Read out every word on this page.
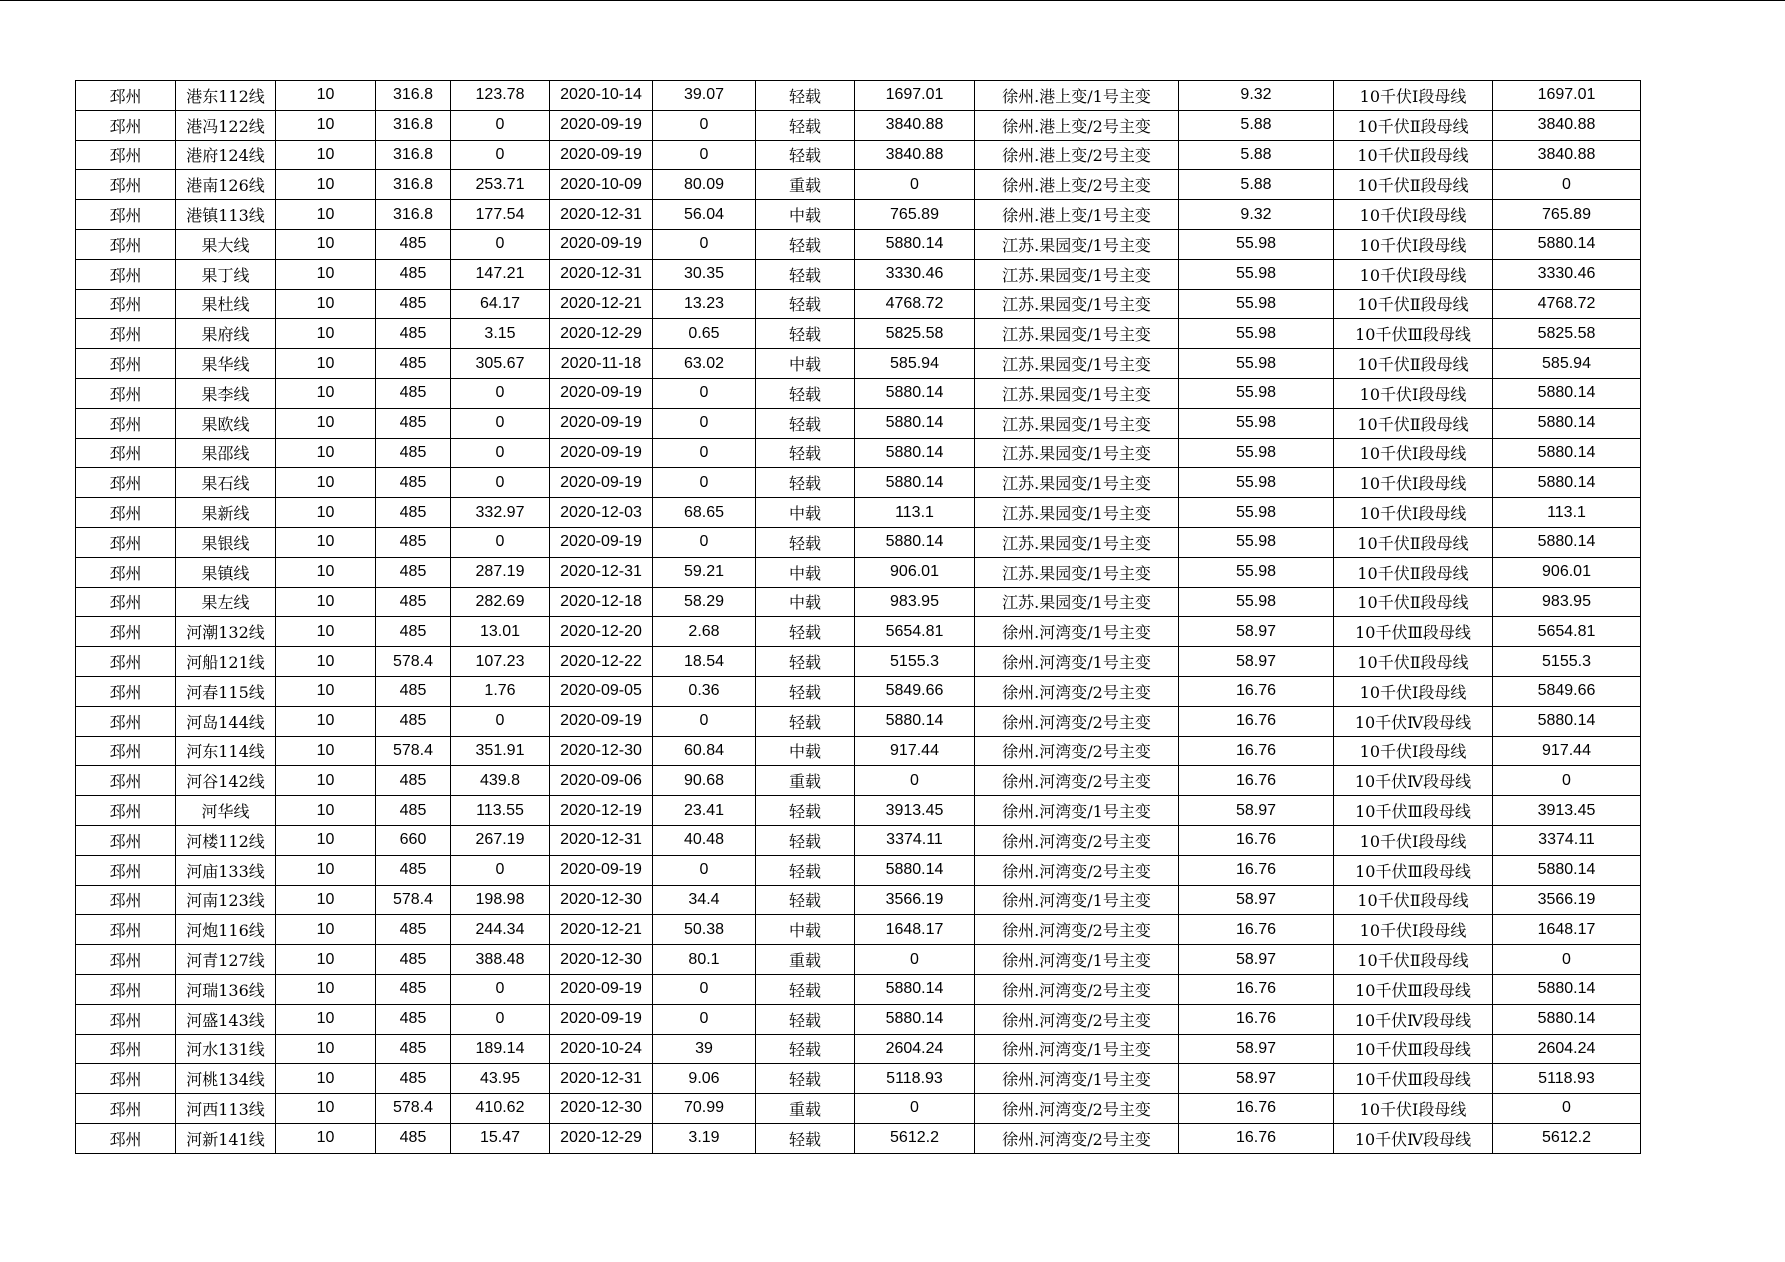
邳州	港东112线	10	316.8	123.78	2020-10-14	39.07	轻载	1697.01	徐州.港上变/1号主变	9.32	10千伏Ⅰ段母线	1697.01
邳州	港冯122线	10	316.8	0	2020-09-19	0	轻载	3840.88	徐州.港上变/2号主变	5.88	10千伏Ⅱ段母线	3840.88
邳州	港府124线	10	316.8	0	2020-09-19	0	轻载	3840.88	徐州.港上变/2号主变	5.88	10千伏Ⅱ段母线	3840.88
邳州	港南126线	10	316.8	253.71	2020-10-09	80.09	重载	0	徐州.港上变/2号主变	5.88	10千伏Ⅱ段母线	0
邳州	港镇113线	10	316.8	177.54	2020-12-31	56.04	中载	765.89	徐州.港上变/1号主变	9.32	10千伏Ⅰ段母线	765.89
邳州	果大线	10	485	0	2020-09-19	0	轻载	5880.14	江苏.果园变/1号主变	55.98	10千伏Ⅰ段母线	5880.14
邳州	果丁线	10	485	147.21	2020-12-31	30.35	轻载	3330.46	江苏.果园变/1号主变	55.98	10千伏Ⅰ段母线	3330.46
邳州	果杜线	10	485	64.17	2020-12-21	13.23	轻载	4768.72	江苏.果园变/1号主变	55.98	10千伏Ⅱ段母线	4768.72
邳州	果府线	10	485	3.15	2020-12-29	0.65	轻载	5825.58	江苏.果园变/1号主变	55.98	10千伏Ⅲ段母线	5825.58
邳州	果华线	10	485	305.67	2020-11-18	63.02	中载	585.94	江苏.果园变/1号主变	55.98	10千伏Ⅱ段母线	585.94
邳州	果李线	10	485	0	2020-09-19	0	轻载	5880.14	江苏.果园变/1号主变	55.98	10千伏Ⅰ段母线	5880.14
邳州	果欧线	10	485	0	2020-09-19	0	轻载	5880.14	江苏.果园变/1号主变	55.98	10千伏Ⅱ段母线	5880.14
邳州	果邵线	10	485	0	2020-09-19	0	轻载	5880.14	江苏.果园变/1号主变	55.98	10千伏Ⅰ段母线	5880.14
邳州	果石线	10	485	0	2020-09-19	0	轻载	5880.14	江苏.果园变/1号主变	55.98	10千伏Ⅰ段母线	5880.14
邳州	果新线	10	485	332.97	2020-12-03	68.65	中载	113.1	江苏.果园变/1号主变	55.98	10千伏Ⅰ段母线	113.1
邳州	果银线	10	485	0	2020-09-19	0	轻载	5880.14	江苏.果园变/1号主变	55.98	10千伏Ⅱ段母线	5880.14
邳州	果镇线	10	485	287.19	2020-12-31	59.21	中载	906.01	江苏.果园变/1号主变	55.98	10千伏Ⅱ段母线	906.01
邳州	果左线	10	485	282.69	2020-12-18	58.29	中载	983.95	江苏.果园变/1号主变	55.98	10千伏Ⅱ段母线	983.95
邳州	河潮132线	10	485	13.01	2020-12-20	2.68	轻载	5654.81	徐州.河湾变/1号主变	58.97	10千伏Ⅲ段母线	5654.81
邳州	河船121线	10	578.4	107.23	2020-12-22	18.54	轻载	5155.3	徐州.河湾变/1号主变	58.97	10千伏Ⅱ段母线	5155.3
邳州	河春115线	10	485	1.76	2020-09-05	0.36	轻载	5849.66	徐州.河湾变/2号主变	16.76	10千伏Ⅰ段母线	5849.66
邳州	河岛144线	10	485	0	2020-09-19	0	轻载	5880.14	徐州.河湾变/2号主变	16.76	10千伏Ⅳ段母线	5880.14
邳州	河东114线	10	578.4	351.91	2020-12-30	60.84	中载	917.44	徐州.河湾变/2号主变	16.76	10千伏Ⅰ段母线	917.44
邳州	河谷142线	10	485	439.8	2020-09-06	90.68	重载	0	徐州.河湾变/2号主变	16.76	10千伏Ⅳ段母线	0
邳州	河华线	10	485	113.55	2020-12-19	23.41	轻载	3913.45	徐州.河湾变/1号主变	58.97	10千伏Ⅲ段母线	3913.45
邳州	河楼112线	10	660	267.19	2020-12-31	40.48	轻载	3374.11	徐州.河湾变/2号主变	16.76	10千伏Ⅰ段母线	3374.11
邳州	河庙133线	10	485	0	2020-09-19	0	轻载	5880.14	徐州.河湾变/2号主变	16.76	10千伏Ⅲ段母线	5880.14
邳州	河南123线	10	578.4	198.98	2020-12-30	34.4	轻载	3566.19	徐州.河湾变/1号主变	58.97	10千伏Ⅱ段母线	3566.19
邳州	河炮116线	10	485	244.34	2020-12-21	50.38	中载	1648.17	徐州.河湾变/2号主变	16.76	10千伏Ⅰ段母线	1648.17
邳州	河青127线	10	485	388.48	2020-12-30	80.1	重载	0	徐州.河湾变/1号主变	58.97	10千伏Ⅱ段母线	0
邳州	河瑞136线	10	485	0	2020-09-19	0	轻载	5880.14	徐州.河湾变/2号主变	16.76	10千伏Ⅲ段母线	5880.14
邳州	河盛143线	10	485	0	2020-09-19	0	轻载	5880.14	徐州.河湾变/2号主变	16.76	10千伏Ⅳ段母线	5880.14
邳州	河水131线	10	485	189.14	2020-10-24	39	轻载	2604.24	徐州.河湾变/1号主变	58.97	10千伏Ⅲ段母线	2604.24
邳州	河桃134线	10	485	43.95	2020-12-31	9.06	轻载	5118.93	徐州.河湾变/1号主变	58.97	10千伏Ⅲ段母线	5118.93
邳州	河西113线	10	578.4	410.62	2020-12-30	70.99	重载	0	徐州.河湾变/2号主变	16.76	10千伏Ⅰ段母线	0
邳州	河新141线	10	485	15.47	2020-12-29	3.19	轻载	5612.2	徐州.河湾变/2号主变	16.76	10千伏Ⅳ段母线	5612.2
